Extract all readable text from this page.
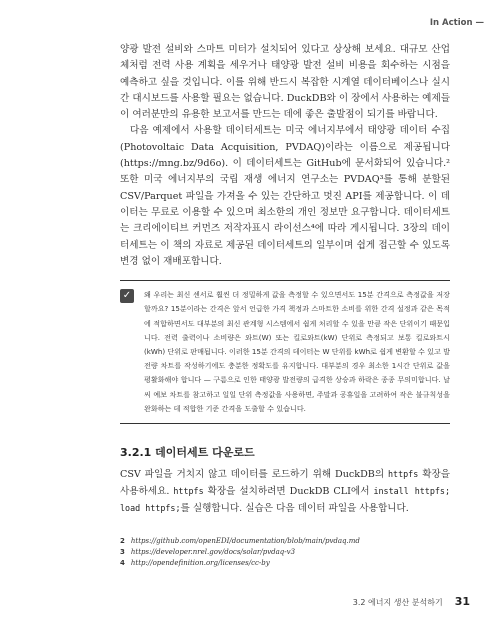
In Action —

양광 발전 설비와 스마트 미터가 설치되어 있다고 상상해 보세요. 대규모 산업체처럼 전력 사용 계획을 세우거나 태양광 발전 설비 비용을 회수하는 시점을 예측하고 싶을 것입니다. 이를 위해 반드시 복잡한 시계열 데이터베이스나 실시간 대시보드를 사용할 필요는 없습니다. DuckDB와 이 장에서 사용하는 예제들이 여러분만의 유용한 보고서를 만드는 데에 좋은 출발점이 되기를 바랍니다.

다음 예제에서 사용할 데이터세트는 미국 에너지부에서 태양광 데이터 수집(Photovoltaic Data Acquisition, PVDAQ)이라는 이름으로 제공됩니다(https://mng.bz/9d6o). 이 데이터세트는 GitHub에 문서화되어 있습니다.² 또한 미국 에너지부의 국립 재생 에너지 연구소는 PVDAQ³를 통해 분할된 CSV/Parquet 파일을 가져올 수 있는 간단하고 멋진 API를 제공합니다. 이 데이터는 무료로 이용할 수 있으며 최소한의 개인 정보만 요구합니다. 데이터세트는 크리에이티브 커먼즈 저작자표시 라이선스⁴에 따라 게시됩니다. 3장의 데이터세트는 이 책의 자료로 제공된 데이터세트의 일부이며 쉽게 접근할 수 있도록 변경 없이 재배포합니다.

✓	왜 우리는 최신 센서로 훨씬 더 정밀하게 값을 측정할 수 있으면서도 15분 간격으로 측정값을 저장할까요? 15분이라는 간격은 앞서 언급한 가격 책정과 스마트한 소비를 위한 간격 설정과 같은 목적에 적합하면서도 대부분의 최신 관계형 시스템에서 쉽게 처리할 수 있을 만큼 작은 단위이기 때문입니다. 전력 출력이나 소비량은 와트(W) 또는 킬로와트(kW) 단위로 측정되고 보통 킬로와트시(kWh) 단위로 판매됩니다. 이러한 15분 간격의 데이터는 W 단위를 kWh로 쉽게 변환할 수 있고 발전량 차트를 작성하기에도 충분한 정확도를 유지합니다. 대부분의 경우 최소한 1시간 단위로 값을 평활화해야 합니다 — 구름으로 인한 태양광 발전량의 급격한 상승과 하락은 종종 무의미합니다. 날씨 예보 차트를 참고하고 일일 단위 측정값을 사용하면, 주말과 공휴일을 고려하여 작은 불규칙성을 완화하는 데 적합한 기준 간격을 도출할 수 있습니다.
3.2.1 데이터세트 다운로드

CSV 파일을 거치지 않고 데이터를 로드하기 위해 DuckDB의 httpfs 확장을 사용하세요. httpfs 확장을 설치하려면 DuckDB CLI에서 install httpfs; load httpfs;를 실행합니다. 실습은 다음 데이터 파일을 사용합니다.

2 https://github.com/openEDI/documentation/blob/main/pvdaq.md
3 https://developer.nrel.gov/docs/solar/pvdaq-v3
4 http://opendefinition.org/licenses/cc-by
3.2 에너지 생산 분석하기 31
